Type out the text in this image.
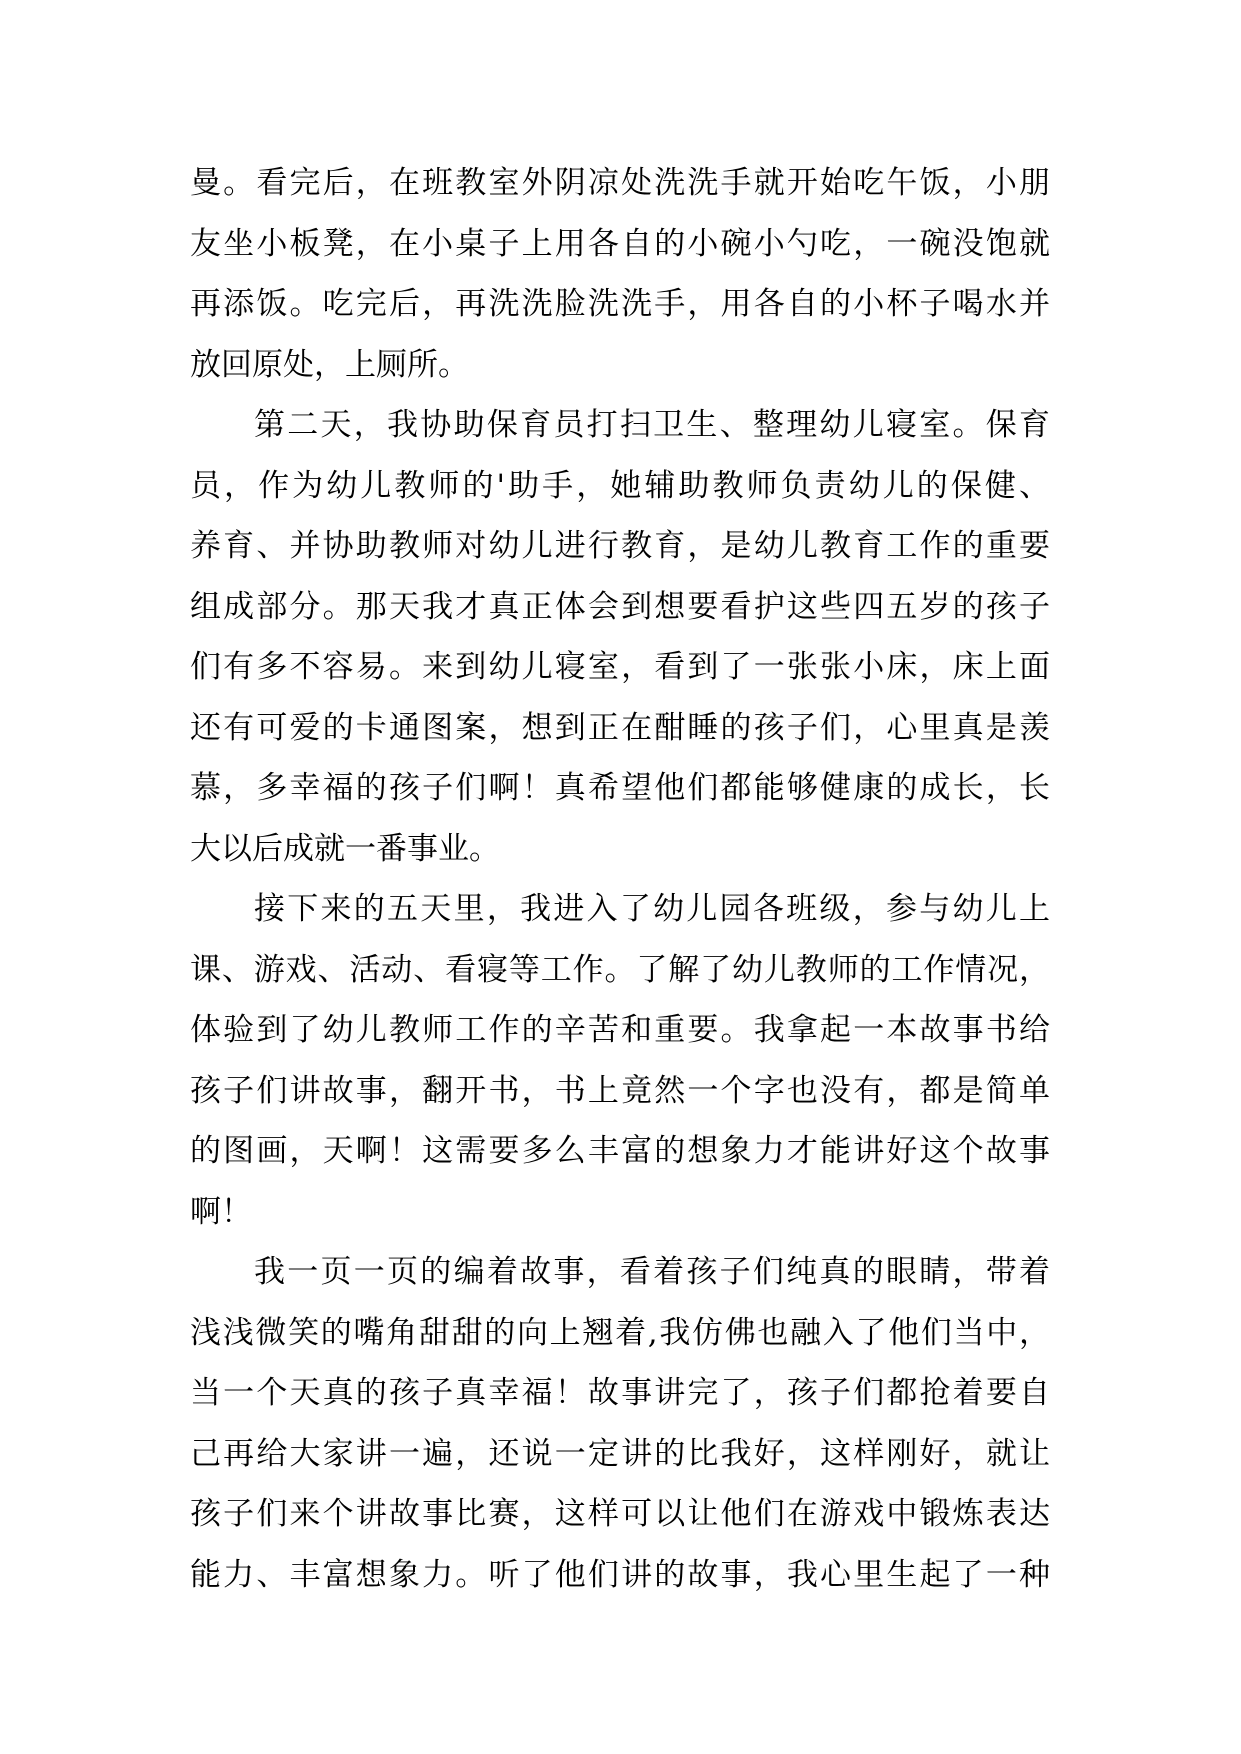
曼。看完后，在班教室外阴凉处洗洗手就开始吃午饭，小朋
友坐小板凳，在小桌子上用各自的小碗小勺吃，一碗没饱就
再添饭。吃完后，再洗洗脸洗洗手，用各自的小杯子喝水并
放回原处，上厕所。
第二天，我协助保育员打扫卫生、整理幼儿寝室。保育
员，作为幼儿教师的'助手，她辅助教师负责幼儿的保健、
养育、并协助教师对幼儿进行教育，是幼儿教育工作的重要
组成部分。那天我才真正体会到想要看护这些四五岁的孩子
们有多不容易。来到幼儿寝室，看到了一张张小床，床上面
还有可爱的卡通图案，想到正在酣睡的孩子们，心里真是羡
慕，多幸福的孩子们啊！真希望他们都能够健康的成长，长
大以后成就一番事业。
接下来的五天里，我进入了幼儿园各班级，参与幼儿上
课、游戏、活动、看寝等工作。了解了幼儿教师的工作情况，
体验到了幼儿教师工作的辛苦和重要。我拿起一本故事书给
孩子们讲故事，翻开书，书上竟然一个字也没有，都是简单
的图画，天啊！这需要多么丰富的想象力才能讲好这个故事
啊！
我一页一页的编着故事，看着孩子们纯真的眼睛，带着
浅浅微笑的嘴角甜甜的向上翘着,我仿佛也融入了他们当中，
当一个天真的孩子真幸福！故事讲完了，孩子们都抢着要自
己再给大家讲一遍，还说一定讲的比我好，这样刚好，就让
孩子们来个讲故事比赛，这样可以让他们在游戏中锻炼表达
能力、丰富想象力。听了他们讲的故事，我心里生起了一种
